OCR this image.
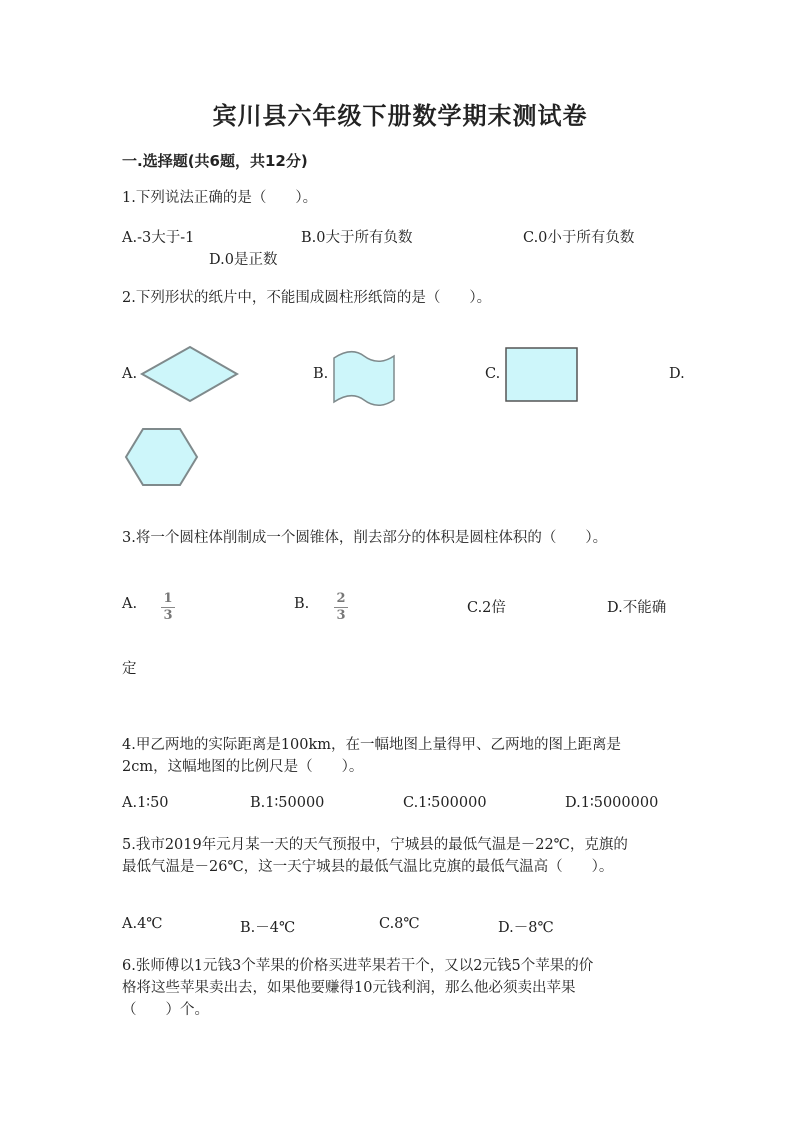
宾川县六年级下册数学期末测试卷
一.选择题(共6题，共12分)
1.下列说法正确的是（　　）。
A.-3大于-1	B.0大于所有负数	C.0小于所有负数
D.0是正数
2.下列形状的纸片中，不能围成圆柱形纸筒的是（　　）。
A.	B.	C.	D.
3.将一个圆柱体削制成一个圆锥体，削去部分的体积是圆柱体积的（　　）。
A. 1
3
B. 2
3	C.2倍	D.不能确
定
4.甲乙两地的实际距离是100km，在一幅地图上量得甲、乙两地的图上距离是
2cm，这幅地图的比例尺是（　　）。
A.1∶50	B.1∶50000	C.1∶500000	D.1∶5000000
5.我市2019年元月某一天的天气预报中，宁城县的最低气温是－22℃，克旗的
最低气温是－26℃，这一天宁城县的最低气温比克旗的最低气温高（　　）。
A.4℃	B.－4℃	C.8℃	D.－8℃
6.张师傅以1元钱3个苹果的价格买进苹果若干个，又以2元钱5个苹果的价
格将这些苹果卖出去，如果他要赚得10元钱利润，那么他必须卖出苹果
（　　）个。
